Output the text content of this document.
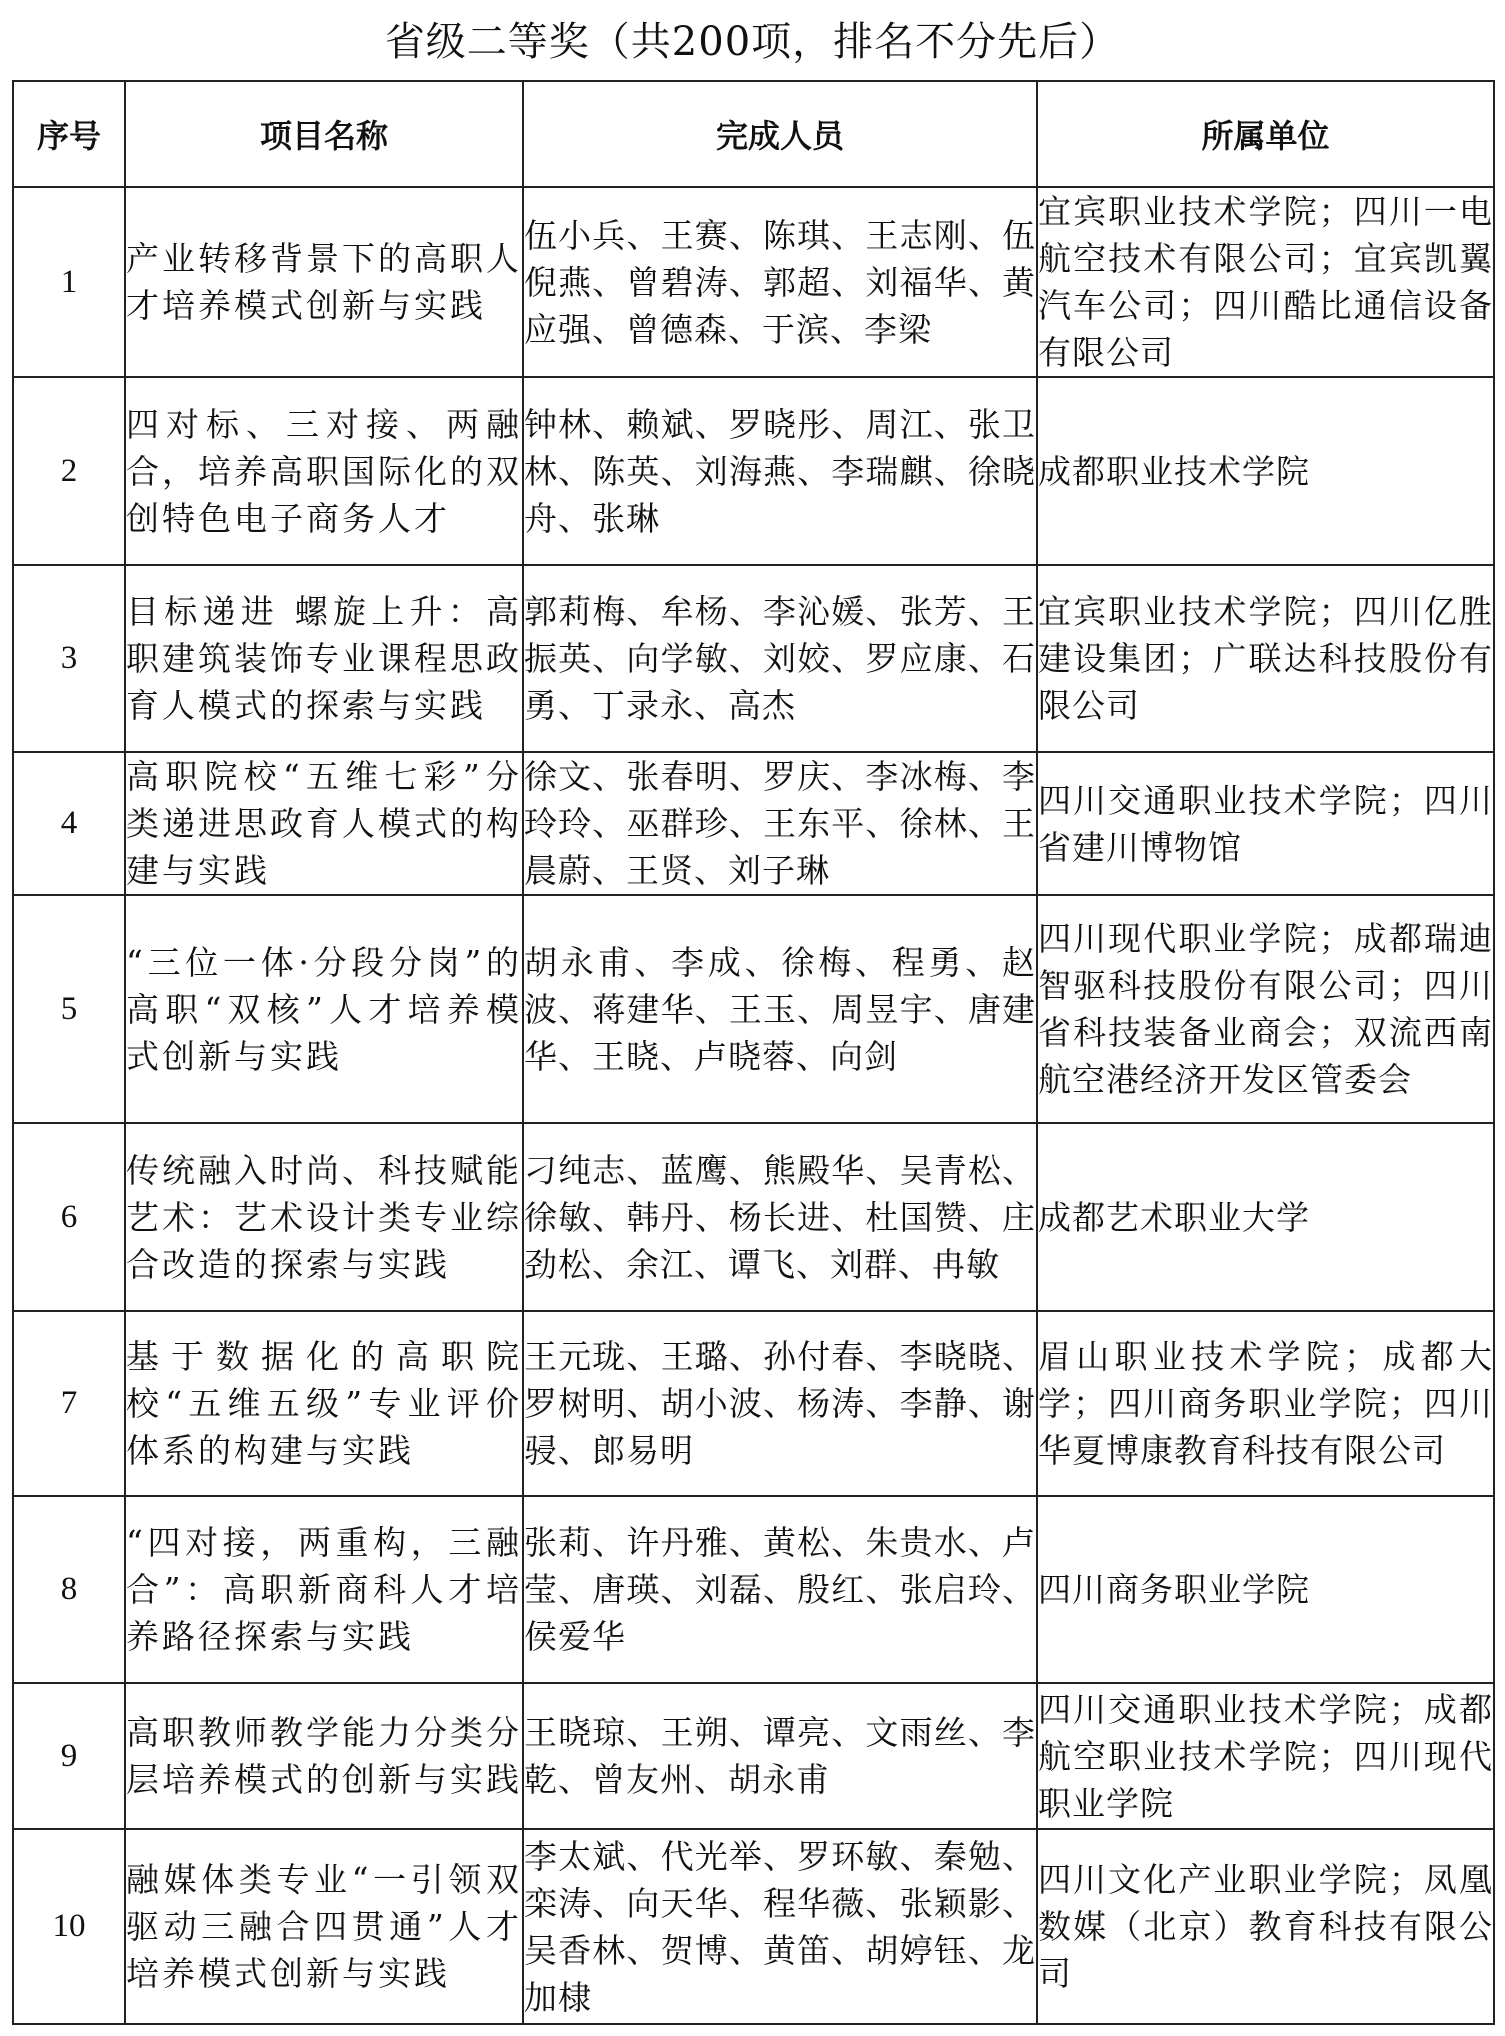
省级二等奖（共200项，排名不分先后）
序号	项目名称	完成人员	所属单位
1	产业转移背景下的高职人才培养模式创新与实践	伍小兵、王赛、陈琪、王志刚、伍倪燕、曾碧涛、郭超、刘福华、黄应强、曾德森、于滨、李梁	宜宾职业技术学院；四川一电航空技术有限公司；宜宾凯翼汽车公司；四川酷比通信设备有限公司
2	四对标、三对接、两融合，培养高职国际化的双创特色电子商务人才	钟林、赖斌、罗晓彤、周江、张卫林、陈英、刘海燕、李瑞麒、徐晓舟、张琳	成都职业技术学院
3	目标递进 螺旋上升：高职建筑装饰专业课程思政育人模式的探索与实践	郭莉梅、牟杨、李沁媛、张芳、王振英、向学敏、刘姣、罗应康、石勇、丁录永、高杰	宜宾职业技术学院；四川亿胜建设集团；广联达科技股份有限公司
4	高职院校“五维七彩”分类递进思政育人模式的构建与实践	徐文、张春明、罗庆、李冰梅、李玲玲、巫群珍、王东平、徐林、王晨蔚、王贤、刘子琳	四川交通职业技术学院；四川省建川博物馆
5	“三位一体·分段分岗”的高职“双核”人才培养模式创新与实践	胡永甫、李成、徐梅、程勇、赵波、蒋建华、王玉、周昱宇、唐建华、王晓、卢晓蓉、向剑	四川现代职业学院；成都瑞迪智驱科技股份有限公司；四川省科技装备业商会；双流西南航空港经济开发区管委会
6	传统融入时尚、科技赋能艺术：艺术设计类专业综合改造的探索与实践	刁纯志、蓝鹰、熊殿华、吴青松、徐敏、韩丹、杨长进、杜国赞、庄劲松、余江、谭飞、刘群、冉敏	成都艺术职业大学
7	基于数据化的高职院校“五维五级”专业评价体系的构建与实践	王元珑、王璐、孙付春、李晓晓、罗树明、胡小波、杨涛、李静、谢骎、郎易明	眉山职业技术学院；成都大学；四川商务职业学院；四川华夏博康教育科技有限公司
8	“四对接，两重构，三融合”：高职新商科人才培养路径探索与实践	张莉、许丹雅、黄松、朱贵水、卢莹、唐瑛、刘磊、殷红、张启玲、侯爱华	四川商务职业学院
9	高职教师教学能力分类分层培养模式的创新与实践	王晓琼、王朔、谭亮、文雨丝、李乾、曾友州、胡永甫	四川交通职业技术学院；成都航空职业技术学院；四川现代职业学院
10	融媒体类专业“一引领双驱动三融合四贯通”人才培养模式创新与实践	李太斌、代光举、罗环敏、秦勉、栾涛、向天华、程华薇、张颖影、吴香林、贺博、黄笛、胡婷钰、龙加棣	四川文化产业职业学院；凤凰数媒（北京）教育科技有限公司
